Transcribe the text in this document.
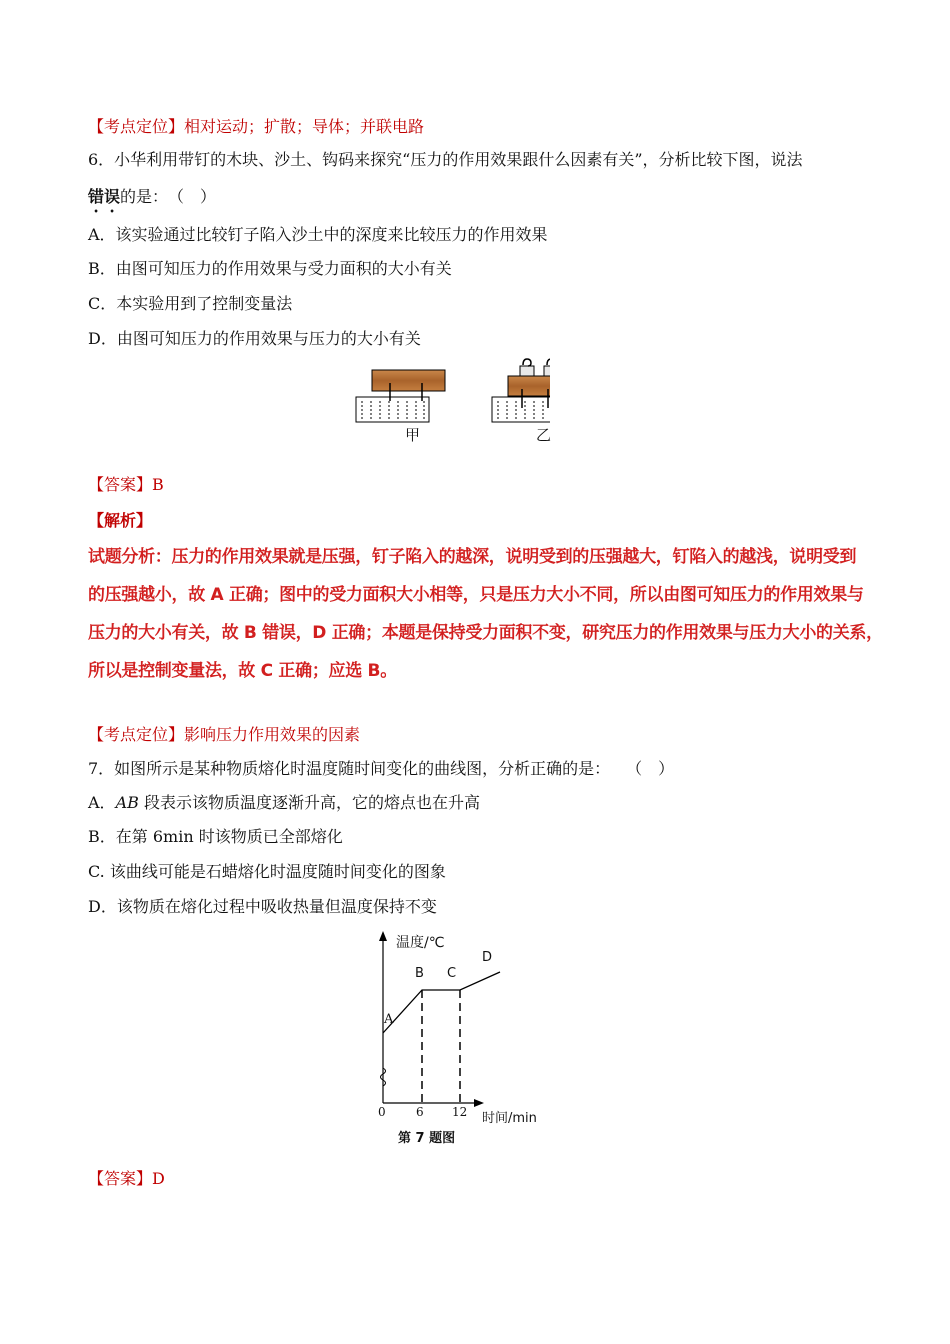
【考点定位】相对运动；扩散；导体；并联电路
6．小华利用带钉的木块、沙土、钩码来探究“压力的作用效果跟什么因素有关”，分析比较下图，说法
错误的是：　（　）
A．该实验通过比较钉子陷入沙土中的深度来比较压力的作用效果
B．由图可知压力的作用效果与受力面积的大小有关
C．本实验用到了控制变量法
D．由图可知压力的作用效果与压力的大小有关
甲	乙
【答案】B
【解析】

试题分析：压力的作用效果就是压强，钉子陷入的越深，说明受到的压强越大，钉陷入的越浅，说明受到

的压强越小，故 A 正确；图中的受力面积大小相等，只是压力大小不同，所以由图可知压力的作用效果与

压力的大小有关，故 B 错误，D 正确；本题是保持受力面积不变，研究压力的作用效果与压力大小的关系，

所以是控制变量法，故 C 正确；应选 B。

【考点定位】影响压力作用效果的因素
7．如图所示是某种物质熔化时温度随时间变化的曲线图，分析正确的是：　　（　）
A．AB 段表示该物质温度逐渐升高，它的熔点也在升高
B．在第 6min 时该物质已全部熔化
C. 该曲线可能是石蜡熔化时温度随时间变化的图象
D．该物质在熔化过程中吸收热量但温度保持不变
温度/℃
A
B C
D
0	6 12 时间/min
第 7 题图
【答案】D
